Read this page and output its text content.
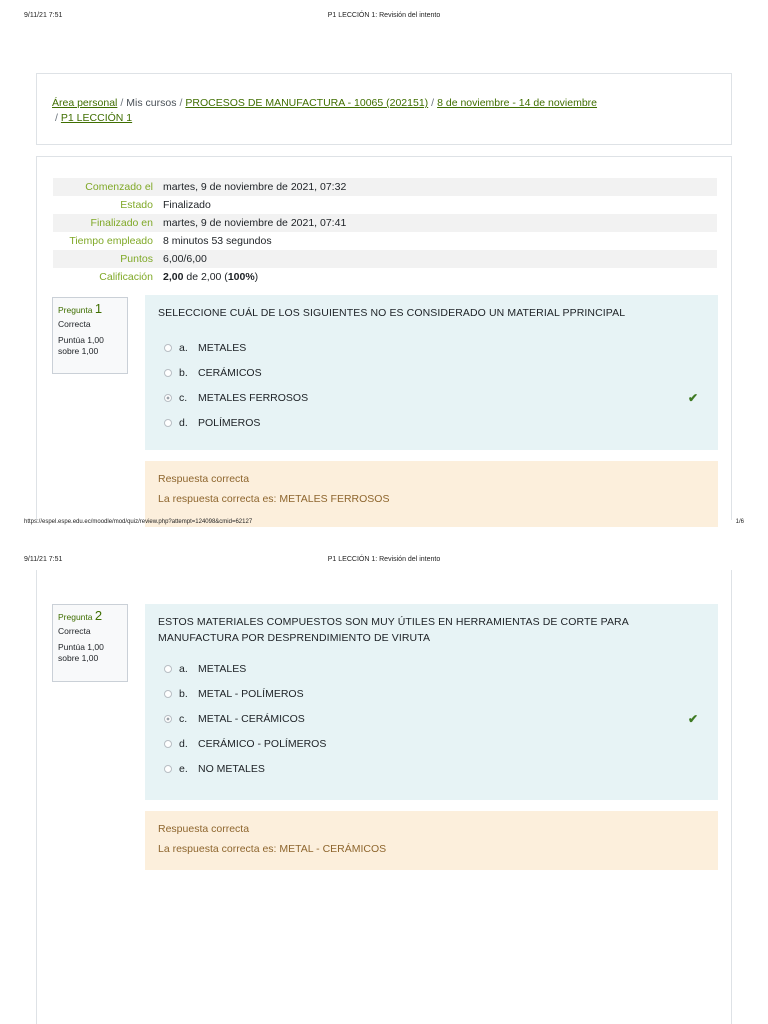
9/11/21 7:51	P1 LECCIÓN 1: Revisión del intento
Área personal / Mis cursos / PROCESOS DE MANUFACTURA - 10065 (202151) / 8 de noviembre - 14 de noviembre
/ P1 LECCIÓN 1
Comenzado el	martes, 9 de noviembre de 2021, 07:32
Estado	Finalizado
Finalizado en	martes, 9 de noviembre de 2021, 07:41
Tiempo empleado	8 minutos 53 segundos
Puntos	6,00/6,00
Calificación	2,00 de 2,00 (100%)
Pregunta 1
Correcta
Puntúa 1,00 sobre 1,00
SELECCIONE CUÁL DE LOS SIGUIENTES NO ES CONSIDERADO UN MATERIAL PPRINCIPAL
a. METALES
b. CERÁMICOS
c.	METALES FERROSOS	✔
d. POLÍMEROS
Respuesta correcta
La respuesta correcta es: METALES FERROSOS
https://espel.espe.edu.ec/moodle/mod/quiz/review.php?attempt=124098&cmid=62127	1/6
9/11/21 7:51	P1 LECCIÓN 1: Revisión del intento
Pregunta 2
Correcta
Puntúa 1,00 sobre 1,00
ESTOS MATERIALES COMPUESTOS SON MUY ÚTILES EN HERRAMIENTAS DE CORTE PARA MANUFACTURA POR DESPRENDIMIENTO DE VIRUTA
a. METALES
b. METAL - POLÍMEROS
c.	METAL - CERÁMICOS	✔
d. CERÁMICO - POLÍMEROS
e. NO METALES
Respuesta correcta
La respuesta correcta es: METAL - CERÁMICOS
